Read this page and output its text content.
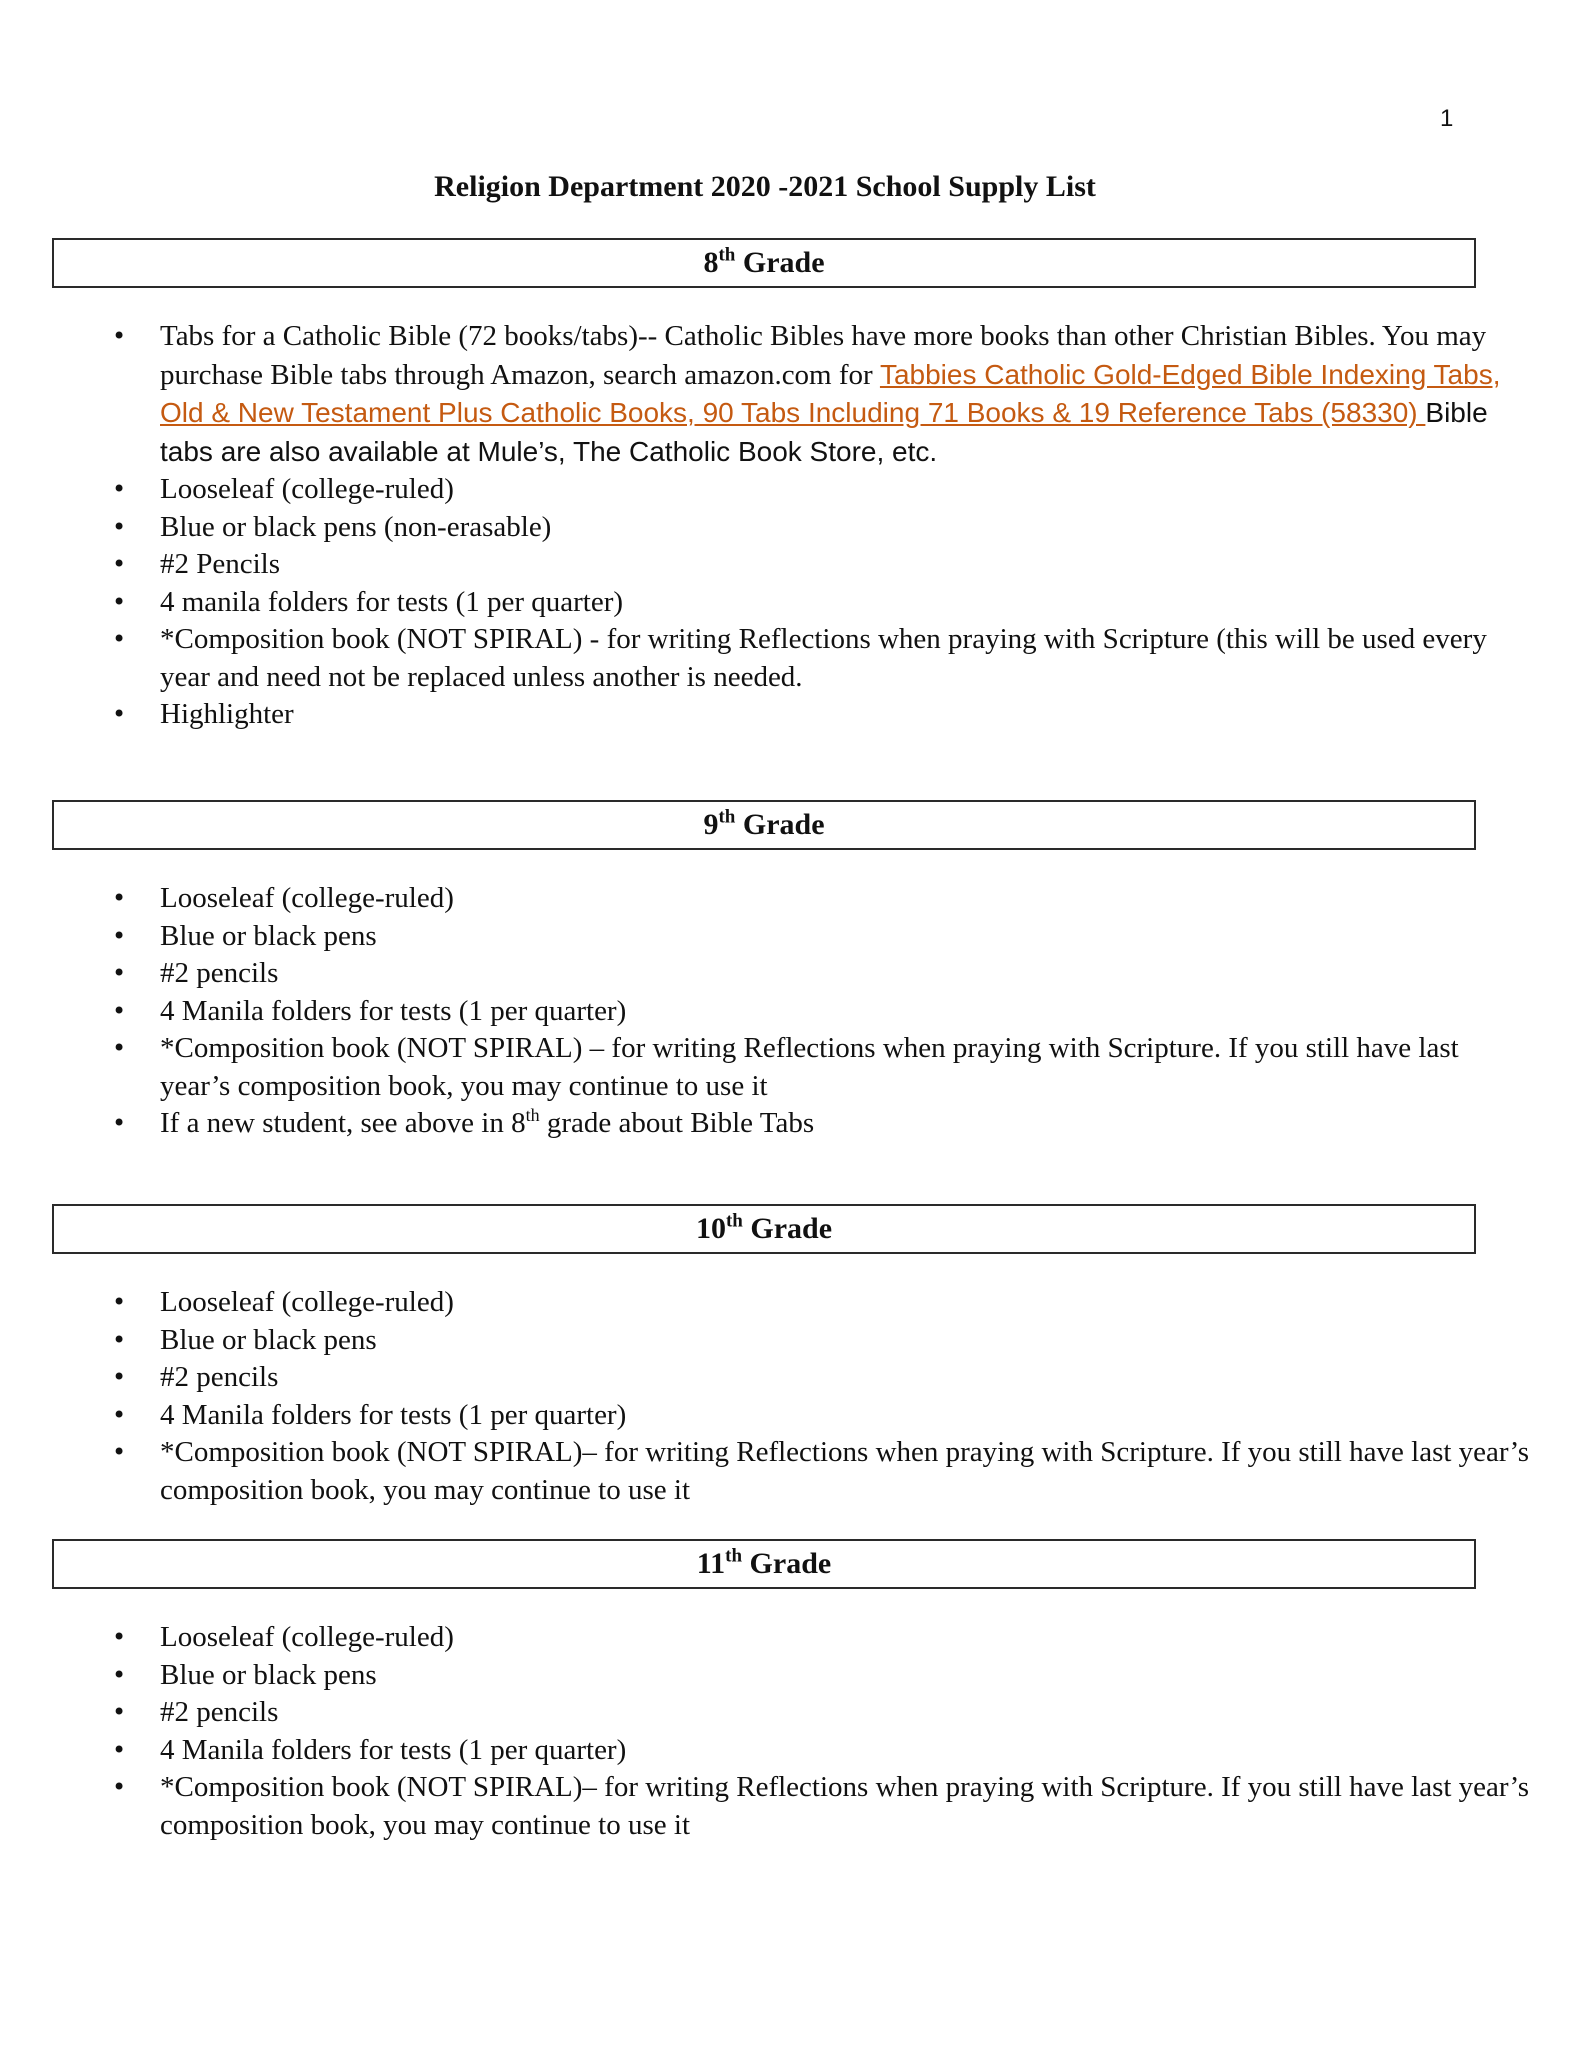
1
Religion Department 2020 -2021 School Supply List
8th Grade
• Tabs for a Catholic Bible (72 books/tabs)-- Catholic Bibles have more books than other Christian Bibles. You may purchase Bible tabs through Amazon, search amazon.com for Tabbies Catholic Gold-Edged Bible Indexing Tabs, Old & New Testament Plus Catholic Books, 90 Tabs Including 71 Books & 19 Reference Tabs (58330) Bible tabs are also available at Mule’s, The Catholic Book Store, etc.
• Looseleaf (college-ruled)
• Blue or black pens (non-erasable)
• #2 Pencils
• 4 manila folders for tests (1 per quarter)
• *Composition book (NOT SPIRAL) - for writing Reflections when praying with Scripture (this will be used every year and need not be replaced unless another is needed.
• Highlighter
9th Grade
• Looseleaf (college-ruled)
• Blue or black pens
• #2 pencils
• 4 Manila folders for tests (1 per quarter)
• *Composition book (NOT SPIRAL) – for writing Reflections when praying with Scripture. If you still have last year’s composition book, you may continue to use it
• If a new student, see above in 8th grade about Bible Tabs
10th Grade
• Looseleaf (college-ruled)
• Blue or black pens
• #2 pencils
• 4 Manila folders for tests (1 per quarter)
• *Composition book (NOT SPIRAL)– for writing Reflections when praying with Scripture. If you still have last year’s composition book, you may continue to use it
11th Grade
• Looseleaf (college-ruled)
• Blue or black pens
• #2 pencils
• 4 Manila folders for tests (1 per quarter)
• *Composition book (NOT SPIRAL)– for writing Reflections when praying with Scripture. If you still have last year’s composition book, you may continue to use it
